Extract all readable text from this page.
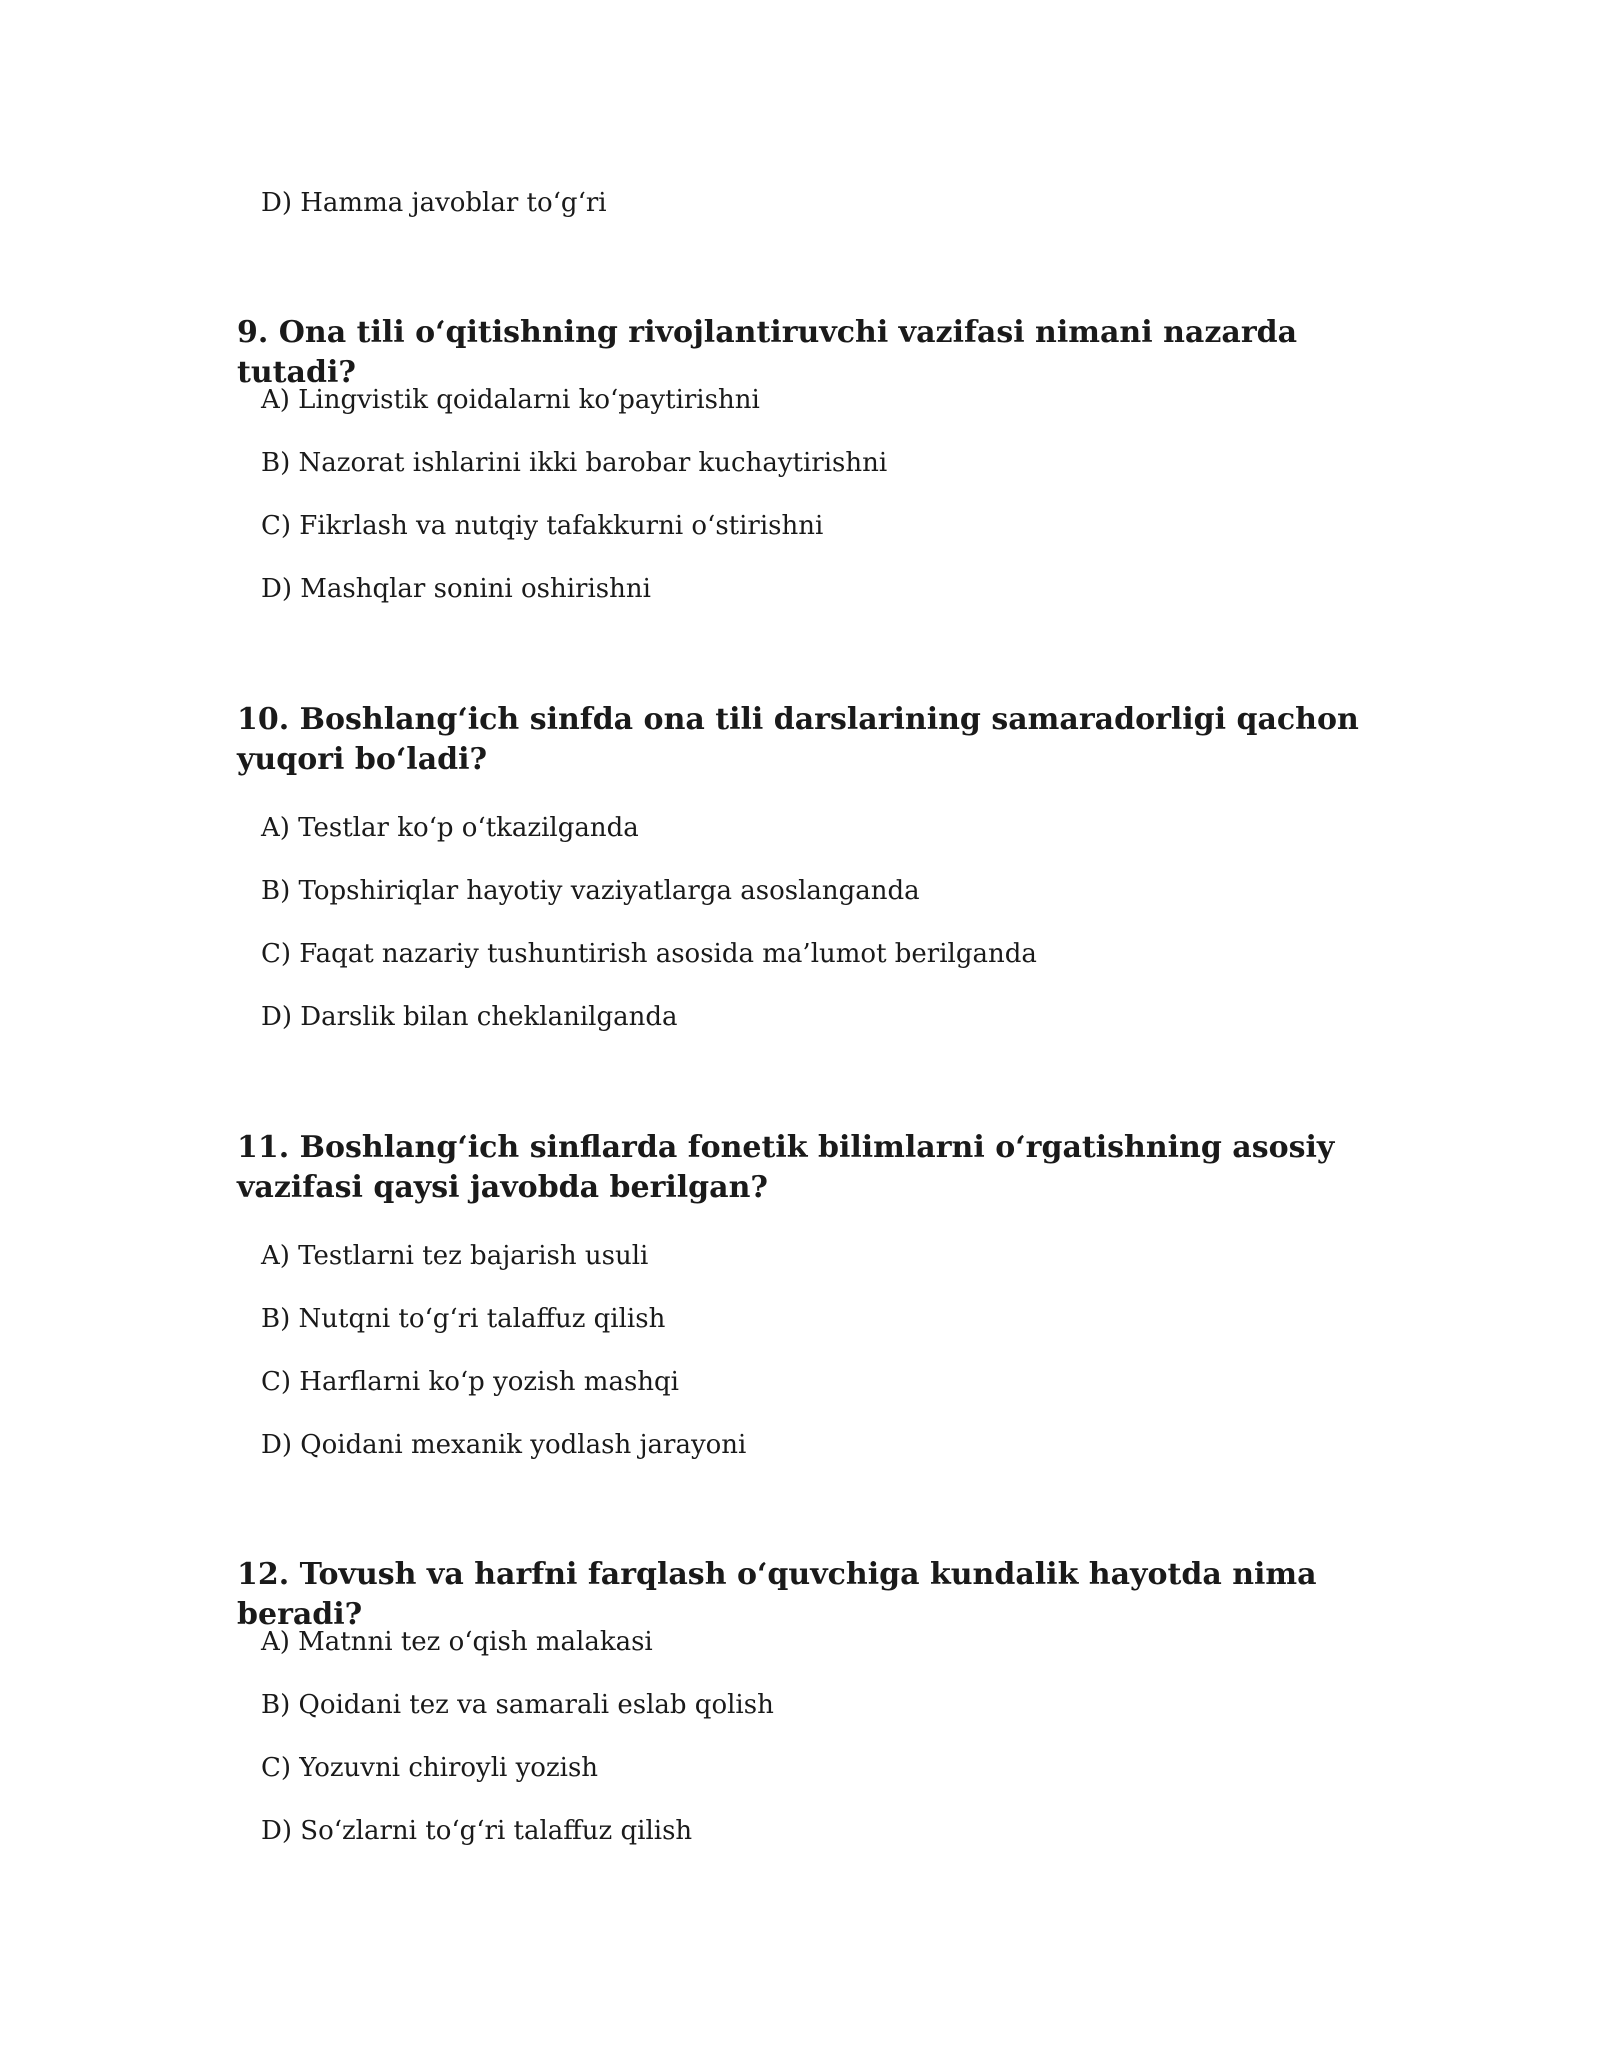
D) Hamma javoblar to‘g‘ri
9. Ona tili o‘qitishning rivojlantiruvchi vazifasi nimani nazarda tutadi?
A) Lingvistik qoidalarni ko‘paytirishni
B) Nazorat ishlarini ikki barobar kuchaytirishni
C) Fikrlash va nutqiy tafakkurni o‘stirishni
D) Mashqlar sonini oshirishni
10. Boshlang‘ich sinfda ona tili darslarining samaradorligi qachon yuqori bo‘ladi?
A) Testlar ko‘p o‘tkazilganda
B) Topshiriqlar hayotiy vaziyatlarga asoslanganda
C) Faqat nazariy tushuntirish asosida ma’lumot berilganda
D) Darslik bilan cheklanilganda
11. Boshlang‘ich sinflarda fonetik bilimlarni o‘rgatishning asosiy vazifasi qaysi javobda berilgan?
A) Testlarni tez bajarish usuli
B) Nutqni to‘g‘ri talaffuz qilish
C) Harflarni ko‘p yozish mashqi
D) Qoidani mexanik yodlash jarayoni
12. Tovush va harfni farqlash o‘quvchiga kundalik hayotda nima beradi?
A) Matnni tez o‘qish malakasi
B) Qoidani tez va samarali eslab qolish
C) Yozuvni chiroyli yozish
D) So‘zlarni to‘g‘ri talaffuz qilish
